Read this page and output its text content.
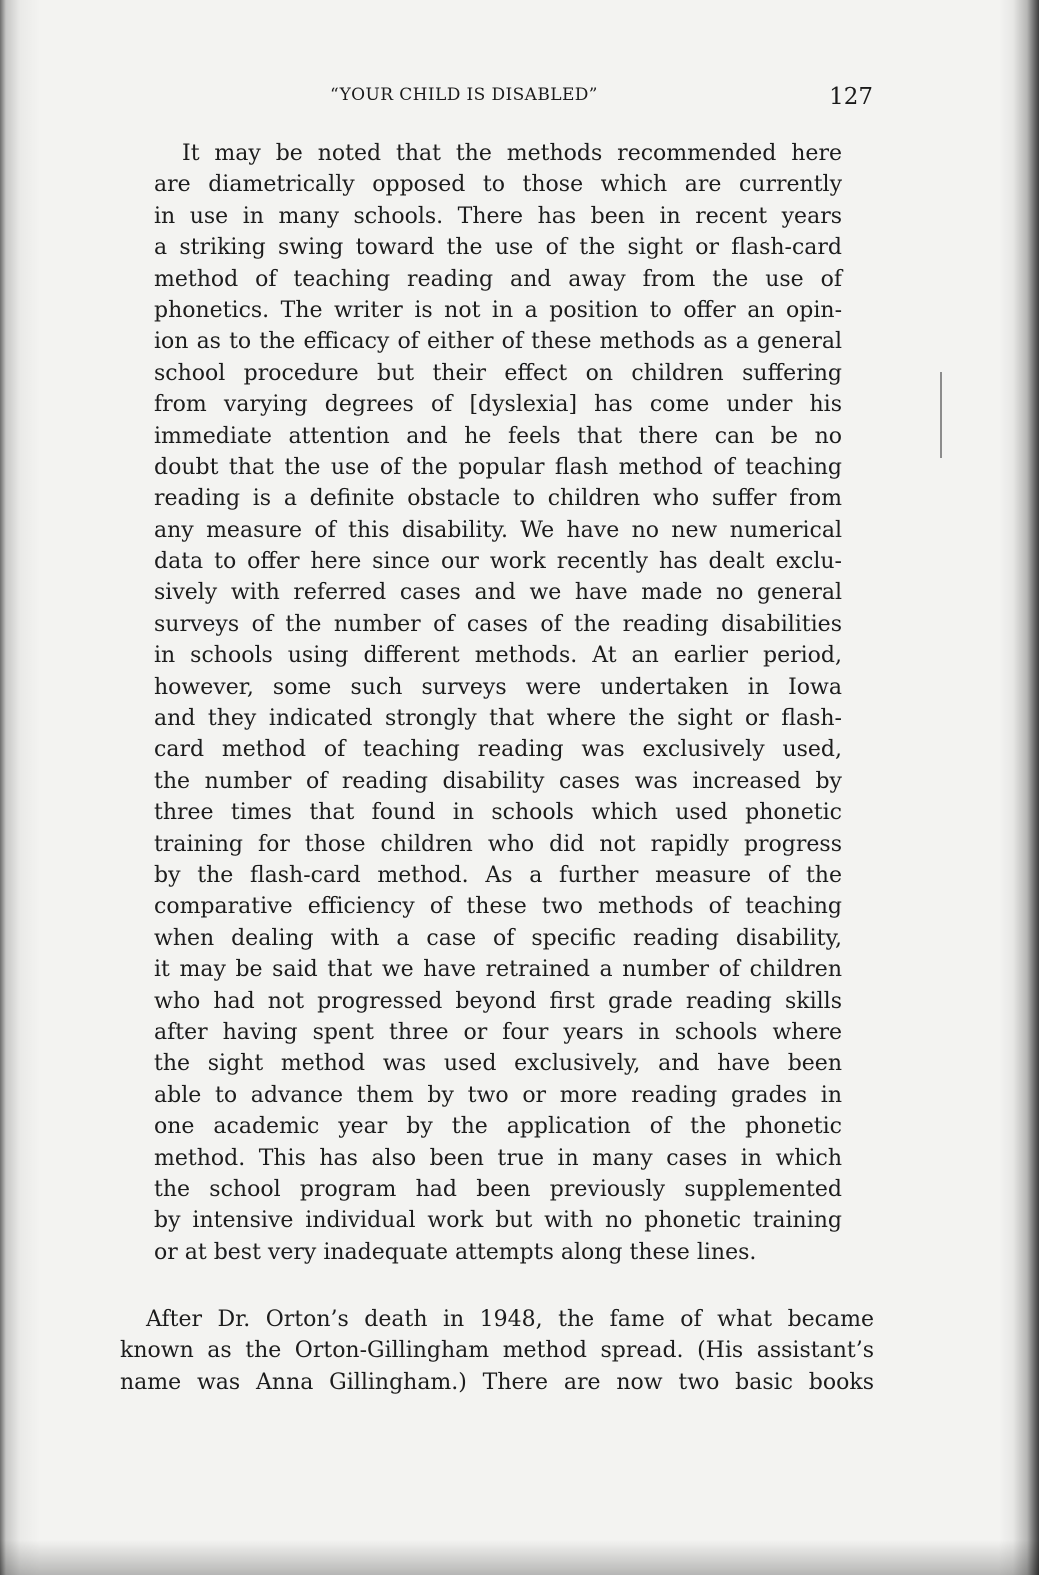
“YOUR CHILD IS DISABLED”	127
It may be noted that the methods recommended here
are diametrically opposed to those which are currently
in use in many schools. There has been in recent years
a striking swing toward the use of the sight or flash-card
method of teaching reading and away from the use of
phonetics. The writer is not in a position to offer an opin-
ion as to the efficacy of either of these methods as a general
school procedure but their effect on children suffering
from varying degrees of [dyslexia] has come under his
immediate attention and he feels that there can be no
doubt that the use of the popular flash method of teaching
reading is a definite obstacle to children who suffer from
any measure of this disability. We have no new numerical
data to offer here since our work recently has dealt exclu-
sively with referred cases and we have made no general
surveys of the number of cases of the reading disabilities
in schools using different methods. At an earlier period,
however, some such surveys were undertaken in Iowa
and they indicated strongly that where the sight or flash-
card method of teaching reading was exclusively used,
the number of reading disability cases was increased by
three times that found in schools which used phonetic
training for those children who did not rapidly progress
by the flash-card method. As a further measure of the
comparative efficiency of these two methods of teaching
when dealing with a case of specific reading disability,
it may be said that we have retrained a number of children
who had not progressed beyond first grade reading skills
after having spent three or four years in schools where
the sight method was used exclusively, and have been
able to advance them by two or more reading grades in
one academic year by the application of the phonetic
method. This has also been true in many cases in which
the school program had been previously supplemented
by intensive individual work but with no phonetic training
or at best very inadequate attempts along these lines.
After Dr. Orton’s death in 1948, the fame of what became
known as the Orton-Gillingham method spread. (His assistant’s
name was Anna Gillingham.) There are now two basic books
